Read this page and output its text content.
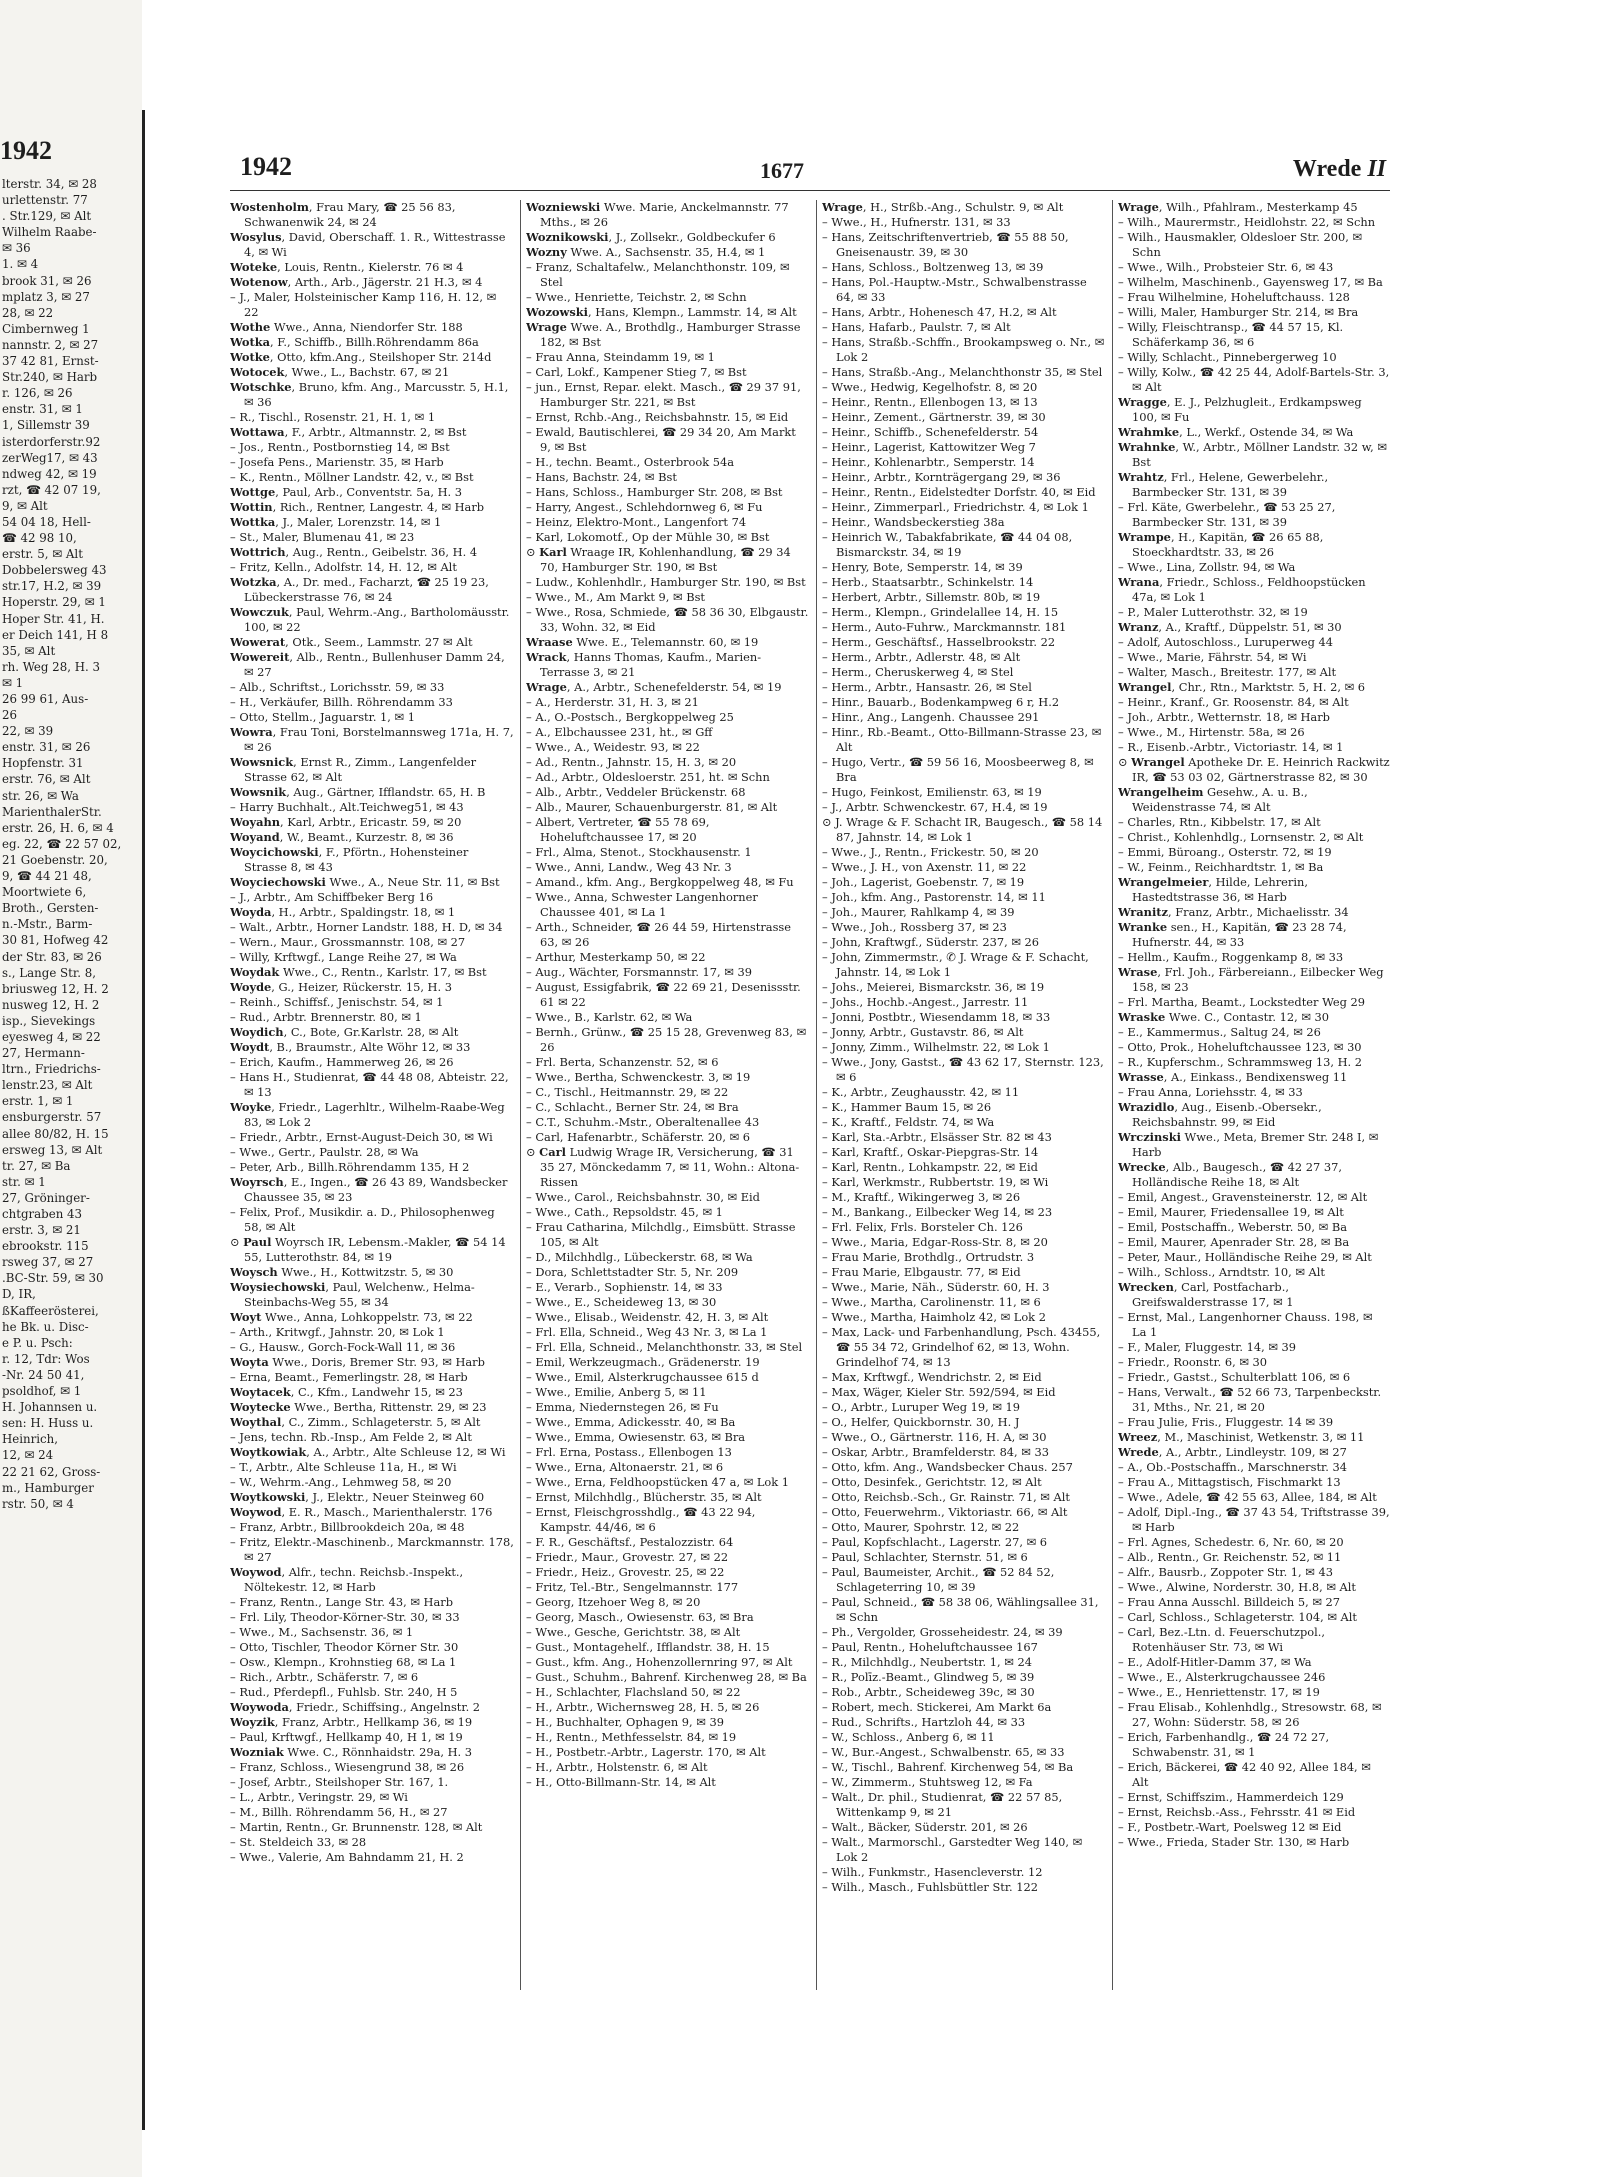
1942
lterstr. 34, ✉ 28
urlettenstr. 77
. Str.129, ✉ Alt
Wilhelm Raabe-
✉ 36
1. ✉ 4
brook 31, ✉ 26
mplatz 3, ✉ 27
28, ✉ 22
Cimbernweg 1
nannstr. 2, ✉ 27
37 42 81, Ernst-
Str.240, ✉ Harb
r. 126, ✉ 26
enstr. 31, ✉ 1
1, Sillemstr 39
isterdorferstr.92
zerWeg17, ✉ 43
ndweg 42, ✉ 19
rzt, ☎ 42 07 19,
9, ✉ Alt
54 04 18, Hell-
☎ 42 98 10,
erstr. 5, ✉ Alt
Dobbelersweg 43
str.17, H.2, ✉ 39
Hoperstr. 29, ✉ 1
Hoper Str. 41, H.
er Deich 141, H 8
35, ✉ Alt
rh. Weg 28, H. 3
✉ 1
26 99 61, Aus-
26
22, ✉ 39
enstr. 31, ✉ 26
Hopfenstr. 31
erstr. 76, ✉ Alt
str. 26, ✉ Wa
MarienthalerStr.
erstr. 26, H. 6, ✉ 4
eg. 22, ☎ 22 57 02,
21 Goebenstr. 20,
9, ☎ 44 21 48,
Moortwiete 6,
Broth., Gersten-
n.-Mstr., Barm-
30 81, Hofweg 42
der Str. 83, ✉ 26
s., Lange Str. 8,
briusweg 12, H. 2
nusweg 12, H. 2
isp., Sievekings
eyesweg 4, ✉ 22
27, Hermann-
ltrn., Friedrichs-
lenstr.23, ✉ Alt
erstr. 1, ✉ 1
ensburgerstr. 57
allee 80/82, H. 15
ersweg 13, ✉ Alt
tr. 27, ✉ Ba
str. ✉ 1
27, Gröninger-
chtgraben 43
erstr. 3, ✉ 21
ebrookstr. 115
rsweg 37, ✉ 27
.BC-Str. 59, ✉ 30
D, IR,
ßKaffeerösterei,
he Bk. u. Disc-
e P. u. Psch:
r. 12, Tdr: Wos
-Nr. 24 50 41,
psoldhof, ✉ 1
H. Johannsen u.
sen: H. Huss u.
Heinrich,
12, ✉ 24
22 21 62, Gross-
m., Hamburger
rstr. 50, ✉ 4
1942	1677	Wrede II
Wostenholm, Frau Mary, ☎ 25 56 83, Schwanenwik 24, ✉ 24
Wosylus, David, Oberschaff. 1. R., Wittestrasse 4, ✉ Wi
Woteke, Louis, Rentn., Kielerstr. 76 ✉ 4
Wotenow, Arth., Arb., Jägerstr. 21 H.3, ✉ 4
– J., Maler, Holsteinischer Kamp 116, H. 12, ✉ 22
Wothe Wwe., Anna, Niendorfer Str. 188
Wotka, F., Schiffb., Billh.Röhrendamm 86a
Wotke, Otto, kfm.Ang., Steilshoper Str. 214d
Wotocek, Wwe., L., Bachstr. 67, ✉ 21
Wotschke, Bruno, kfm. Ang., Marcusstr. 5, H.1, ✉ 36
– R., Tischl., Rosenstr. 21, H. 1, ✉ 1
Wottawa, F., Arbtr., Altmannstr. 2, ✉ Bst
– Jos., Rentn., Postbornstieg 14, ✉ Bst
– Josefa Pens., Marienstr. 35, ✉ Harb
– K., Rentn., Möllner Landstr. 42, v., ✉ Bst
Wottge, Paul, Arb., Conventstr. 5a, H. 3
Wottin, Rich., Rentner, Langestr. 4, ✉ Harb
Wottka, J., Maler, Lorenzstr. 14, ✉ 1
– St., Maler, Blumenau 41, ✉ 23
Wottrich, Aug., Rentn., Geibelstr. 36, H. 4
– Fritz, Kelln., Adolfstr. 14, H. 12, ✉ Alt
Wotzka, A., Dr. med., Facharzt, ☎ 25 19 23, Lübeckerstrasse 76, ✉ 24
Wowczuk, Paul, Wehrm.-Ang., Bartholomäusstr. 100, ✉ 22
Wowerat, Otk., Seem., Lammstr. 27 ✉ Alt
Wowereit, Alb., Rentn., Bullenhuser Damm 24, ✉ 27
– Alb., Schriftst., Lorichsstr. 59, ✉ 33
– H., Verkäufer, Billh. Röhrendamm 33
– Otto, Stellm., Jaguarstr. 1, ✉ 1
Wowra, Frau Toni, Borstelmannsweg 171a, H. 7, ✉ 26
Wowsnick, Ernst R., Zimm., Langenfelder Strasse 62, ✉ Alt
Wowsnik, Aug., Gärtner, Ifflandstr. 65, H. B
– Harry Buchhalt., Alt.Teichweg51, ✉ 43
Woyahn, Karl, Arbtr., Ericastr. 59, ✉ 20
Woyand, W., Beamt., Kurzestr. 8, ✉ 36
Woycichowski, F., Pförtn., Hohensteiner Strasse 8, ✉ 43
Woyciechowski Wwe., A., Neue Str. 11, ✉ Bst
– J., Arbtr., Am Schiffbeker Berg 16
Woyda, H., Arbtr., Spaldingstr. 18, ✉ 1
– Walt., Arbtr., Horner Landstr. 188, H. D, ✉ 34
– Wern., Maur., Grossmannstr. 108, ✉ 27
– Willy, Krftwgf., Lange Reihe 27, ✉ Wa
Woydak Wwe., C., Rentn., Karlstr. 17, ✉ Bst
Woyde, G., Heizer, Rückerstr. 15, H. 3
– Reinh., Schiffsf., Jenischstr. 54, ✉ 1
– Rud., Arbtr. Brennerstr. 80, ✉ 1
Woydich, C., Bote, Gr.Karlstr. 28, ✉ Alt
Woydt, B., Braumstr., Alte Wöhr 12, ✉ 33
– Erich, Kaufm., Hammerweg 26, ✉ 26
– Hans H., Studienrat, ☎ 44 48 08, Abteistr. 22, ✉ 13
Woyke, Friedr., Lagerhltr., Wilhelm-Raabe-Weg 83, ✉ Lok 2
– Friedr., Arbtr., Ernst-August-Deich 30, ✉ Wi
– Wwe., Gertr., Paulstr. 28, ✉ Wa
– Peter, Arb., Billh.Röhrendamm 135, H 2
Woyrsch, E., Ingen., ☎ 26 43 89, Wandsbecker Chaussee 35, ✉ 23
– Felix, Prof., Musikdir. a. D., Philosophenweg 58, ✉ Alt
⊙ Paul Woyrsch IR, Lebensm.-Makler, ☎ 54 14 55, Lutterothstr. 84, ✉ 19
Woysch Wwe., H., Kottwitzstr. 5, ✉ 30
Woysiechowski, Paul, Welchenw., Helma-Steinbachs-Weg 55, ✉ 34
Woyt Wwe., Anna, Lohkoppelstr. 73, ✉ 22
– Arth., Kritwgf., Jahnstr. 20, ✉ Lok 1
– G., Hausw., Gorch-Fock-Wall 11, ✉ 36
Woyta Wwe., Doris, Bremer Str. 93, ✉ Harb
– Erna, Beamt., Femerlingstr. 28, ✉ Harb
Woytacek, C., Kfm., Landwehr 15, ✉ 23
Woytecke Wwe., Bertha, Rittenstr. 29, ✉ 23
Woythal, C., Zimm., Schlageterstr. 5, ✉ Alt
– Jens, techn. Rb.-Insp., Am Felde 2, ✉ Alt
Woytkowiak, A., Arbtr., Alte Schleuse 12, ✉ Wi
– T., Arbtr., Alte Schleuse 11a, H., ✉ Wi
– W., Wehrm.-Ang., Lehmweg 58, ✉ 20
Woytkowski, J., Elektr., Neuer Steinweg 60
Woywod, E. R., Masch., Marienthalerstr. 176
– Franz, Arbtr., Billbrookdeich 20a, ✉ 48
– Fritz, Elektr.-Maschinenb., Marckmannstr. 178, ✉ 27
Woywod, Alfr., techn. Reichsb.-Inspekt., Nöltekestr. 12, ✉ Harb
– Franz, Rentn., Lange Str. 43, ✉ Harb
– Frl. Lily, Theodor-Körner-Str. 30, ✉ 33
– Wwe., M., Sachsenstr. 36, ✉ 1
– Otto, Tischler, Theodor Körner Str. 30
– Osw., Klempn., Krohnstieg 68, ✉ La 1
– Rich., Arbtr., Schäferstr. 7, ✉ 6
– Rud., Pferdepfl., Fuhlsb. Str. 240, H 5
Woywoda, Friedr., Schiffsing., Angelnstr. 2
Woyzik, Franz, Arbtr., Hellkamp 36, ✉ 19
– Paul, Krftwgf., Hellkamp 40, H 1, ✉ 19
Wozniak Wwe. C., Rönnhaidstr. 29a, H. 3
– Franz, Schloss., Wiesengrund 38, ✉ 26
– Josef, Arbtr., Steilshoper Str. 167, 1.
– L., Arbtr., Veringstr. 29, ✉ Wi
– M., Billh. Röhrendamm 56, H., ✉ 27
– Martin, Rentn., Gr. Brunnenstr. 128, ✉ Alt
– St. Steldeich 33, ✉ 28
– Wwe., Valerie, Am Bahndamm 21, H. 2
Wozniewski Wwe. Marie, Anckelmannstr. 77 Mths., ✉ 26
Woznikowski, J., Zollsekr., Goldbeckufer 6
Wozny Wwe. A., Sachsenstr. 35, H.4, ✉ 1
– Franz, Schaltafelw., Melanchthonstr. 109, ✉ Stel
– Wwe., Henriette, Teichstr. 2, ✉ Schn
Wozowski, Hans, Klempn., Lammstr. 14, ✉ Alt
Wrage Wwe. A., Brothdlg., Hamburger Strasse 182, ✉ Bst
– Frau Anna, Steindamm 19, ✉ 1
– Carl, Lokf., Kampener Stieg 7, ✉ Bst
– jun., Ernst, Repar. elekt. Masch., ☎ 29 37 91, Hamburger Str. 221, ✉ Bst
– Ernst, Rchb.-Ang., Reichsbahnstr. 15, ✉ Eid
– Ewald, Bautischlerei, ☎ 29 34 20, Am Markt 9, ✉ Bst
– H., techn. Beamt., Osterbrook 54a
– Hans, Bachstr. 24, ✉ Bst
– Hans, Schloss., Hamburger Str. 208, ✉ Bst
– Harry, Angest., Schlehdornweg 6, ✉ Fu
– Heinz, Elektro-Mont., Langenfort 74
– Karl, Lokomotf., Op der Mühle 30, ✉ Bst
⊙ Karl Wraage IR, Kohlenhandlung, ☎ 29 34 70, Hamburger Str. 190, ✉ Bst
– Ludw., Kohlenhdlr., Hamburger Str. 190, ✉ Bst
– Wwe., M., Am Markt 9, ✉ Bst
– Wwe., Rosa, Schmiede, ☎ 58 36 30, Elbgaustr. 33, Wohn. 32, ✉ Eid
Wraase Wwe. E., Telemannstr. 60, ✉ 19
Wrack, Hanns Thomas, Kaufm., Marien-Terrasse 3, ✉ 21
Wrage, A., Arbtr., Schenefelderstr. 54, ✉ 19
– A., Herderstr. 31, H. 3, ✉ 21
– A., O.-Postsch., Bergkoppelweg 25
– A., Elbchaussee 231, ht., ✉ Gff
– Wwe., A., Weidestr. 93, ✉ 22
– Ad., Rentn., Jahnstr. 15, H. 3, ✉ 20
– Ad., Arbtr., Oldesloerstr. 251, ht. ✉ Schn
– Alb., Arbtr., Veddeler Brückenstr. 68
– Alb., Maurer, Schauenburgerstr. 81, ✉ Alt
– Albert, Vertreter, ☎ 55 78 69, Hoheluftchaussee 17, ✉ 20
– Frl., Alma, Stenot., Stockhausenstr. 1
– Wwe., Anni, Landw., Weg 43 Nr. 3
– Amand., kfm. Ang., Bergkoppelweg 48, ✉ Fu
– Wwe., Anna, Schwester Langenhorner Chaussee 401, ✉ La 1
– Arth., Schneider, ☎ 26 44 59, Hirtenstrasse 63, ✉ 26
– Arthur, Mesterkamp 50, ✉ 22
– Aug., Wächter, Forsmannstr. 17, ✉ 39
– August, Essigfabrik, ☎ 22 69 21, Desenissstr. 61 ✉ 22
– Wwe., B., Karlstr. 62, ✉ Wa
– Bernh., Grünw., ☎ 25 15 28, Grevenweg 83, ✉ 26
– Frl. Berta, Schanzenstr. 52, ✉ 6
– Wwe., Bertha, Schwenckestr. 3, ✉ 19
– C., Tischl., Heitmannstr. 29, ✉ 22
– C., Schlacht., Berner Str. 24, ✉ Bra
– C.T., Schuhm.-Mstr., Oberaltenallee 43
– Carl, Hafenarbtr., Schäferstr. 20, ✉ 6
⊙ Carl Ludwig Wrage IR, Versicherung, ☎ 31 35 27, Mönckedamm 7, ✉ 11, Wohn.: Altona-Rissen
– Wwe., Carol., Reichsbahnstr. 30, ✉ Eid
– Wwe., Cath., Repsoldstr. 45, ✉ 1
– Frau Catharina, Milchdlg., Eimsbütt. Strasse 105, ✉ Alt
– D., Milchhdlg., Lübeckerstr. 68, ✉ Wa
– Dora, Schlettstadter Str. 5, Nr. 209
– E., Verarb., Sophienstr. 14, ✉ 33
– Wwe., E., Scheideweg 13, ✉ 30
– Wwe., Elisab., Weidenstr. 42, H. 3, ✉ Alt
– Frl. Ella, Schneid., Weg 43 Nr. 3, ✉ La 1
– Frl. Ella, Schneid., Melanchthonstr. 33, ✉ Stel
– Emil, Werkzeugmach., Grädenerstr. 19
– Wwe., Emil, Alsterkrugchaussee 615 d
– Wwe., Emilie, Anberg 5, ✉ 11
– Emma, Niedernstegen 26, ✉ Fu
– Wwe., Emma, Adickesstr. 40, ✉ Ba
– Wwe., Emma, Owiesenstr. 63, ✉ Bra
– Frl. Erna, Postass., Ellenbogen 13
– Wwe., Erna, Altonaerstr. 21, ✉ 6
– Wwe., Erna, Feldhoopstücken 47 a, ✉ Lok 1
– Ernst, Milchhdlg., Blücherstr. 35, ✉ Alt
– Ernst, Fleischgrosshdlg., ☎ 43 22 94, Kampstr. 44/46, ✉ 6
– F. R., Geschäftsf., Pestalozzistr. 64
– Friedr., Maur., Grovestr. 27, ✉ 22
– Friedr., Heiz., Grovestr. 25, ✉ 22
– Fritz, Tel.-Btr., Sengelmannstr. 177
– Georg, Itzehoer Weg 8, ✉ 20
– Georg, Masch., Owiesenstr. 63, ✉ Bra
– Wwe., Gesche, Gerichtstr. 38, ✉ Alt
– Gust., Montagehelf., Ifflandstr. 38, H. 15
– Gust., kfm. Ang., Hohenzollernring 97, ✉ Alt
– Gust., Schuhm., Bahrenf. Kirchenweg 28, ✉ Ba
– H., Schlachter, Flachsland 50, ✉ 22
– H., Arbtr., Wichernsweg 28, H. 5, ✉ 26
– H., Buchhalter, Ophagen 9, ✉ 39
– H., Rentn., Methfesselstr. 84, ✉ 19
– H., Postbetr.-Arbtr., Lagerstr. 170, ✉ Alt
– H., Arbtr., Holstenstr. 6, ✉ Alt
– H., Otto-Billmann-Str. 14, ✉ Alt
Wrage, H., Strßb.-Ang., Schulstr. 9, ✉ Alt
– Wwe., H., Hufnerstr. 131, ✉ 33
– Hans, Zeitschriftenvertrieb, ☎ 55 88 50, Gneisenaustr. 39, ✉ 30
– Hans, Schloss., Boltzenweg 13, ✉ 39
– Hans, Pol.-Hauptw.-Mstr., Schwalbenstrasse 64, ✉ 33
– Hans, Arbtr., Hohenesch 47, H.2, ✉ Alt
– Hans, Hafarb., Paulstr. 7, ✉ Alt
– Hans, Straßb.-Schffn., Brookampsweg o. Nr., ✉ Lok 2
– Hans, Straßb.-Ang., Melanchthonstr 35, ✉ Stel
– Wwe., Hedwig, Kegelhofstr. 8, ✉ 20
– Heinr., Rentn., Ellenbogen 13, ✉ 13
– Heinr., Zement., Gärtnerstr. 39, ✉ 30
– Heinr., Schiffb., Schenefelderstr. 54
– Heinr., Lagerist, Kattowitzer Weg 7
– Heinr., Kohlenarbtr., Semperstr. 14
– Heinr., Arbtr., Kornträgergang 29, ✉ 36
– Heinr., Rentn., Eidelstedter Dorfstr. 40, ✉ Eid
– Heinr., Zimmerparl., Friedrichstr. 4, ✉ Lok 1
– Heinr., Wandsbeckerstieg 38a
– Heinrich W., Tabakfabrikate, ☎ 44 04 08, Bismarckstr. 34, ✉ 19
– Henry, Bote, Semperstr. 14, ✉ 39
– Herb., Staatsarbtr., Schinkelstr. 14
– Herbert, Arbtr., Sillemstr. 80b, ✉ 19
– Herm., Klempn., Grindelallee 14, H. 15
– Herm., Auto-Fuhrw., Marckmannstr. 181
– Herm., Geschäftsf., Hasselbrookstr. 22
– Herm., Arbtr., Adlerstr. 48, ✉ Alt
– Herm., Cheruskerweg 4, ✉ Stel
– Herm., Arbtr., Hansastr. 26, ✉ Stel
– Hinr., Bauarb., Bodenkampweg 6 r, H.2
– Hinr., Ang., Langenh. Chaussee 291
– Hinr., Rb.-Beamt., Otto-Billmann-Strasse 23, ✉ Alt
– Hugo, Vertr., ☎ 59 56 16, Moosbeerweg 8, ✉ Bra
– Hugo, Feinkost, Emilienstr. 63, ✉ 19
– J., Arbtr. Schwenckestr. 67, H.4, ✉ 19
⊙ J. Wrage & F. Schacht IR, Baugesch., ☎ 58 14 87, Jahnstr. 14, ✉ Lok 1
– Wwe., J., Rentn., Frickestr. 50, ✉ 20
– Wwe., J. H., von Axenstr. 11, ✉ 22
– Joh., Lagerist, Goebenstr. 7, ✉ 19
– Joh., kfm. Ang., Pastorenstr. 14, ✉ 11
– Joh., Maurer, Rahlkamp 4, ✉ 39
– Wwe., Joh., Rossberg 37, ✉ 23
– John, Kraftwgf., Süderstr. 237, ✉ 26
– John, Zimmermstr., ✆ J. Wrage & F. Schacht, Jahnstr. 14, ✉ Lok 1
– Johs., Meierei, Bismarckstr. 36, ✉ 19
– Johs., Hochb.-Angest., Jarrestr. 11
– Jonni, Postbtr., Wiesendamm 18, ✉ 33
– Jonny, Arbtr., Gustavstr. 86, ✉ Alt
– Jonny, Zimm., Wilhelmstr. 22, ✉ Lok 1
– Wwe., Jony, Gastst., ☎ 43 62 17, Sternstr. 123, ✉ 6
– K., Arbtr., Zeughausstr. 42, ✉ 11
– K., Hammer Baum 15, ✉ 26
– K., Kraftf., Feldstr. 74, ✉ Wa
– Karl, Sta.-Arbtr., Elsässer Str. 82 ✉ 43
– Karl, Kraftf., Oskar-Piepgras-Str. 14
– Karl, Rentn., Lohkampstr. 22, ✉ Eid
– Karl, Werkmstr., Rubbertstr. 19, ✉ Wi
– M., Kraftf., Wikingerweg 3, ✉ 26
– M., Bankang., Eilbecker Weg 14, ✉ 23
– Frl. Felix, Frls. Borsteler Ch. 126
– Wwe., Maria, Edgar-Ross-Str. 8, ✉ 20
– Frau Marie, Brothdlg., Ortrudstr. 3
– Frau Marie, Elbgaustr. 77, ✉ Eid
– Wwe., Marie, Näh., Süderstr. 60, H. 3
– Wwe., Martha, Carolinenstr. 11, ✉ 6
– Wwe., Martha, Haimholz 42, ✉ Lok 2
– Max, Lack- und Farbenhandlung, Psch. 43455, ☎ 55 34 72, Grindelhof 62, ✉ 13, Wohn. Grindelhof 74, ✉ 13
– Max, Krftwgf., Wendrichstr. 2, ✉ Eid
– Max, Wäger, Kieler Str. 592/594, ✉ Eid
– O., Arbtr., Luruper Weg 19, ✉ 19
– O., Helfer, Quickbornstr. 30, H. J
– Wwe., O., Gärtnerstr. 116, H. A, ✉ 30
– Oskar, Arbtr., Bramfelderstr. 84, ✉ 33
– Otto, kfm. Ang., Wandsbecker Chaus. 257
– Otto, Desinfek., Gerichtstr. 12, ✉ Alt
– Otto, Reichsb.-Sch., Gr. Rainstr. 71, ✉ Alt
– Otto, Feuerwehrm., Viktoriastr. 66, ✉ Alt
– Otto, Maurer, Spohrstr. 12, ✉ 22
– Paul, Kopfschlacht., Lagerstr. 27, ✉ 6
– Paul, Schlachter, Sternstr. 51, ✉ 6
– Paul, Baumeister, Archit., ☎ 52 84 52, Schlageterring 10, ✉ 39
– Paul, Schneid., ☎ 58 38 06, Wählingsallee 31, ✉ Schn
– Ph., Vergolder, Grosseheidestr. 24, ✉ 39
– Paul, Rentn., Hoheluftchaussee 167
– R., Milchhdlg., Neubertstr. 1, ✉ 24
– R., Polīz.-Beamt., Glindweg 5, ✉ 39
– Rob., Arbtr., Scheideweg 39c, ✉ 30
– Robert, mech. Stickerei, Am Markt 6a
– Rud., Schrifts., Hartzloh 44, ✉ 33
– W., Schloss., Anberg 6, ✉ 11
– W., Bur.-Angest., Schwalbenstr. 65, ✉ 33
– W., Tischl., Bahrenf. Kirchenweg 54, ✉ Ba
– W., Zimmerm., Stuhtsweg 12, ✉ Fa
– Walt., Dr. phil., Studienrat, ☎ 22 57 85, Wittenkamp 9, ✉ 21
– Walt., Bäcker, Süderstr. 201, ✉ 26
– Walt., Marmorschl., Garstedter Weg 140, ✉ Lok 2
– Wilh., Funkmstr., Hasencleverstr. 12
– Wilh., Masch., Fuhlsbüttler Str. 122
Wrage, Wilh., Pfahlram., Mesterkamp 45
– Wilh., Maurermstr., Heidlohstr. 22, ✉ Schn
– Wilh., Hausmakler, Oldesloer Str. 200, ✉ Schn
– Wwe., Wilh., Probsteier Str. 6, ✉ 43
– Wilhelm, Maschinenb., Gayensweg 17, ✉ Ba
– Frau Wilhelmine, Hoheluftchauss. 128
– Willi, Maler, Hamburger Str. 214, ✉ Bra
– Willy, Fleischtransp., ☎ 44 57 15, Kl. Schäferkamp 36, ✉ 6
– Willy, Schlacht., Pinnebergerweg 10
– Willy, Kolw., ☎ 42 25 44, Adolf-Bartels-Str. 3, ✉ Alt
Wragge, E. J., Pelzhugleit., Erdkampsweg 100, ✉ Fu
Wrahmke, L., Werkf., Ostende 34, ✉ Wa
Wrahnke, W., Arbtr., Möllner Landstr. 32 w, ✉ Bst
Wrahtz, Frl., Helene, Gewerbelehr., Barmbecker Str. 131, ✉ 39
– Frl. Käte, Gwerbelehr., ☎ 53 25 27, Barmbecker Str. 131, ✉ 39
Wrampe, H., Kapitän, ☎ 26 65 88, Stoeckhardtstr. 33, ✉ 26
– Wwe., Lina, Zollstr. 94, ✉ Wa
Wrana, Friedr., Schloss., Feldhoopstücken 47a, ✉ Lok 1
– P., Maler Lutterothstr. 32, ✉ 19
Wranz, A., Kraftf., Düppelstr. 51, ✉ 30
– Adolf, Autoschloss., Luruperweg 44
– Wwe., Marie, Fährstr. 54, ✉ Wi
– Walter, Masch., Breitestr. 177, ✉ Alt
Wrangel, Chr., Rtn., Marktstr. 5, H. 2, ✉ 6
– Heinr., Kranf., Gr. Roosenstr. 84, ✉ Alt
– Joh., Arbtr., Wetternstr. 18, ✉ Harb
– Wwe., M., Hirtenstr. 58a, ✉ 26
– R., Eisenb.-Arbtr., Victoriastr. 14, ✉ 1
⊙ Wrangel Apotheke Dr. E. Heinrich Rackwitz IR, ☎ 53 03 02, Gärtnerstrasse 82, ✉ 30
Wrangelheim Gesehw., A. u. B., Weidenstrasse 74, ✉ Alt
– Charles, Rtn., Kibbelstr. 17, ✉ Alt
– Christ., Kohlenhdlg., Lornsenstr. 2, ✉ Alt
– Emmi, Büroang., Osterstr. 72, ✉ 19
– W., Feinm., Reichhardtstr. 1, ✉ Ba
Wrangelmeier, Hilde, Lehrerin, Hastedtstrasse 36, ✉ Harb
Wranitz, Franz, Arbtr., Michaelisstr. 34
Wranke sen., H., Kapitän, ☎ 23 28 74, Hufnerstr. 44, ✉ 33
– Hellm., Kaufm., Roggenkamp 8, ✉ 33
Wrase, Frl. Joh., Färbereiann., Eilbecker Weg 158, ✉ 23
– Frl. Martha, Beamt., Lockstedter Weg 29
Wraske Wwe. C., Contastr. 12, ✉ 30
– E., Kammermus., Saltug 24, ✉ 26
– Otto, Prok., Hoheluftchaussee 123, ✉ 30
– R., Kupferschm., Schrammsweg 13, H. 2
Wrasse, A., Einkass., Bendixensweg 11
– Frau Anna, Loriehsstr. 4, ✉ 33
Wrazidlo, Aug., Eisenb.-Obersekr., Reichsbahnstr. 99, ✉ Eid
Wrczinski Wwe., Meta, Bremer Str. 248 I, ✉ Harb
Wrecke, Alb., Baugesch., ☎ 42 27 37, Holländische Reihe 18, ✉ Alt
– Emil, Angest., Gravensteinerstr. 12, ✉ Alt
– Emil, Maurer, Friedensallee 19, ✉ Alt
– Emil, Postschaffn., Weberstr. 50, ✉ Ba
– Emil, Maurer, Apenrader Str. 28, ✉ Ba
– Peter, Maur., Holländische Reihe 29, ✉ Alt
– Wilh., Schloss., Arndtstr. 10, ✉ Alt
Wrecken, Carl, Postfacharb., Greifswalderstrasse 17, ✉ 1
– Ernst, Mal., Langenhorner Chauss. 198, ✉ La 1
– F., Maler, Fluggestr. 14, ✉ 39
– Friedr., Roonstr. 6, ✉ 30
– Friedr., Gastst., Schulterblatt 106, ✉ 6
– Hans, Verwalt., ☎ 52 66 73, Tarpenbeckstr. 31, Mths., Nr. 21, ✉ 20
– Frau Julie, Fris., Fluggestr. 14 ✉ 39
Wreez, M., Maschinist, Wetkenstr. 3, ✉ 11
Wrede, A., Arbtr., Lindleystr. 109, ✉ 27
– A., Ob.-Postschaffn., Marschnerstr. 34
– Frau A., Mittagstisch, Fischmarkt 13
– Wwe., Adele, ☎ 42 55 63, Allee, 184, ✉ Alt
– Adolf, Dipl.-Ing., ☎ 37 43 54, Triftstrasse 39, ✉ Harb
– Frl. Agnes, Schedestr. 6, Nr. 60, ✉ 20
– Alb., Rentn., Gr. Reichenstr. 52, ✉ 11
– Alfr., Bausrb., Zoppoter Str. 1, ✉ 43
– Wwe., Alwine, Norderstr. 30, H.8, ✉ Alt
– Frau Anna Ausschl. Billdeich 5, ✉ 27
– Carl, Schloss., Schlageterstr. 104, ✉ Alt
– Carl, Bez.-Ltn. d. Feuerschutzpol., Rotenhäuser Str. 73, ✉ Wi
– E., Adolf-Hitler-Damm 37, ✉ Wa
– Wwe., E., Alsterkrugchaussee 246
– Wwe., E., Henriettenstr. 17, ✉ 19
– Frau Elisab., Kohlenhdlg., Stresowstr. 68, ✉ 27, Wohn: Süderstr. 58, ✉ 26
– Erich, Farbenhandlg., ☎ 24 72 27, Schwabenstr. 31, ✉ 1
– Erich, Bäckerei, ☎ 42 40 92, Allee 184, ✉ Alt
– Ernst, Schiffszim., Hammerdeich 129
– Ernst, Reichsb.-Ass., Fehrsstr. 41 ✉ Eid
– F., Postbetr.-Wart, Poelsweg 12 ✉ Eid
– Wwe., Frieda, Stader Str. 130, ✉ Harb
